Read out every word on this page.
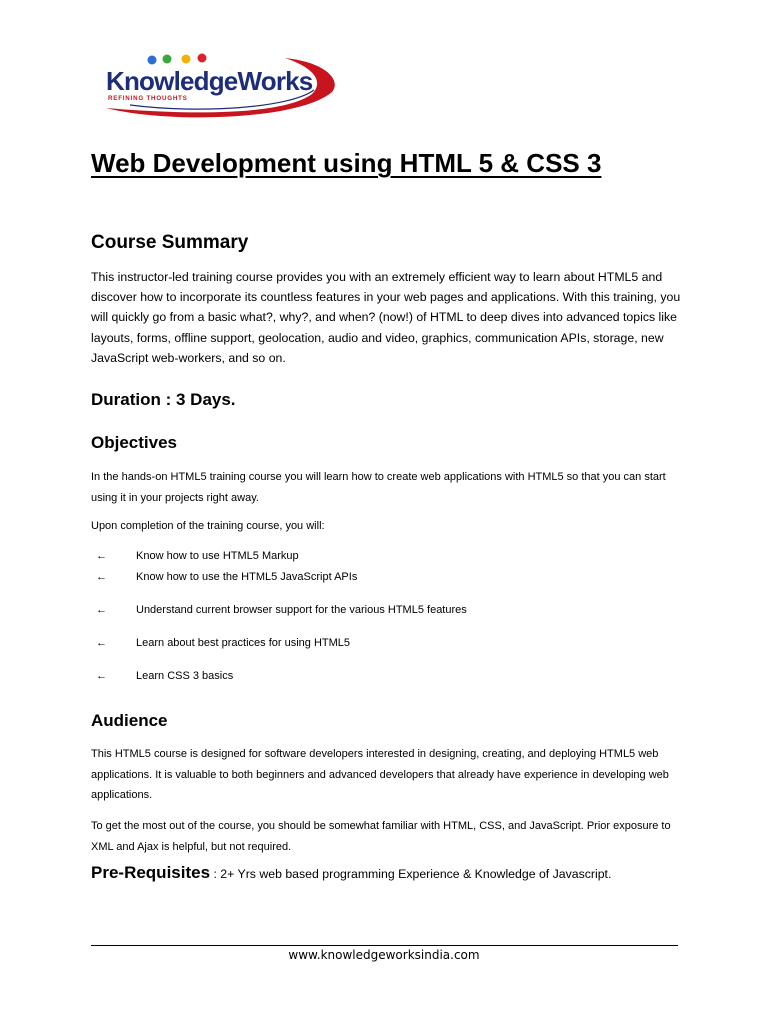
KnowledgeWorks
REFINING THOUGHTS
Web Development using HTML 5 & CSS 3
Course Summary

This instructor-led training course provides you with an extremely efficient way to learn about HTML5 and discover how to incorporate its countless features in your web pages and applications. With this training, you will quickly go from a basic what?, why?, and when? (now!) of HTML to deep dives into advanced topics like layouts, forms, offline support, geolocation, audio and video, graphics, communication APIs, storage, new JavaScript web-workers, and so on.

Duration : 3 Days.
Objectives

In the hands-on HTML5 training course you will learn how to create web applications with HTML5 so that you can start using it in your projects right away.

Upon completion of the training course, you will:

←	Know how to use HTML5 Markup
←	Know how to use the HTML5 JavaScript APIs
←	Understand current browser support for the various HTML5 features
←	Learn about best practices for using HTML5
←	Learn CSS 3 basics
Audience

This HTML5 course is designed for software developers interested in designing, creating, and deploying HTML5 web applications. It is valuable to both beginners and advanced developers that already have experience in developing web applications.

To get the most out of the course, you should be somewhat familiar with HTML, CSS, and JavaScript. Prior exposure to XML and Ajax is helpful, but not required.

Pre-Requisites : 2+ Yrs web based programming Experience & Knowledge of Javascript.

www.knowledgeworksindia.com
